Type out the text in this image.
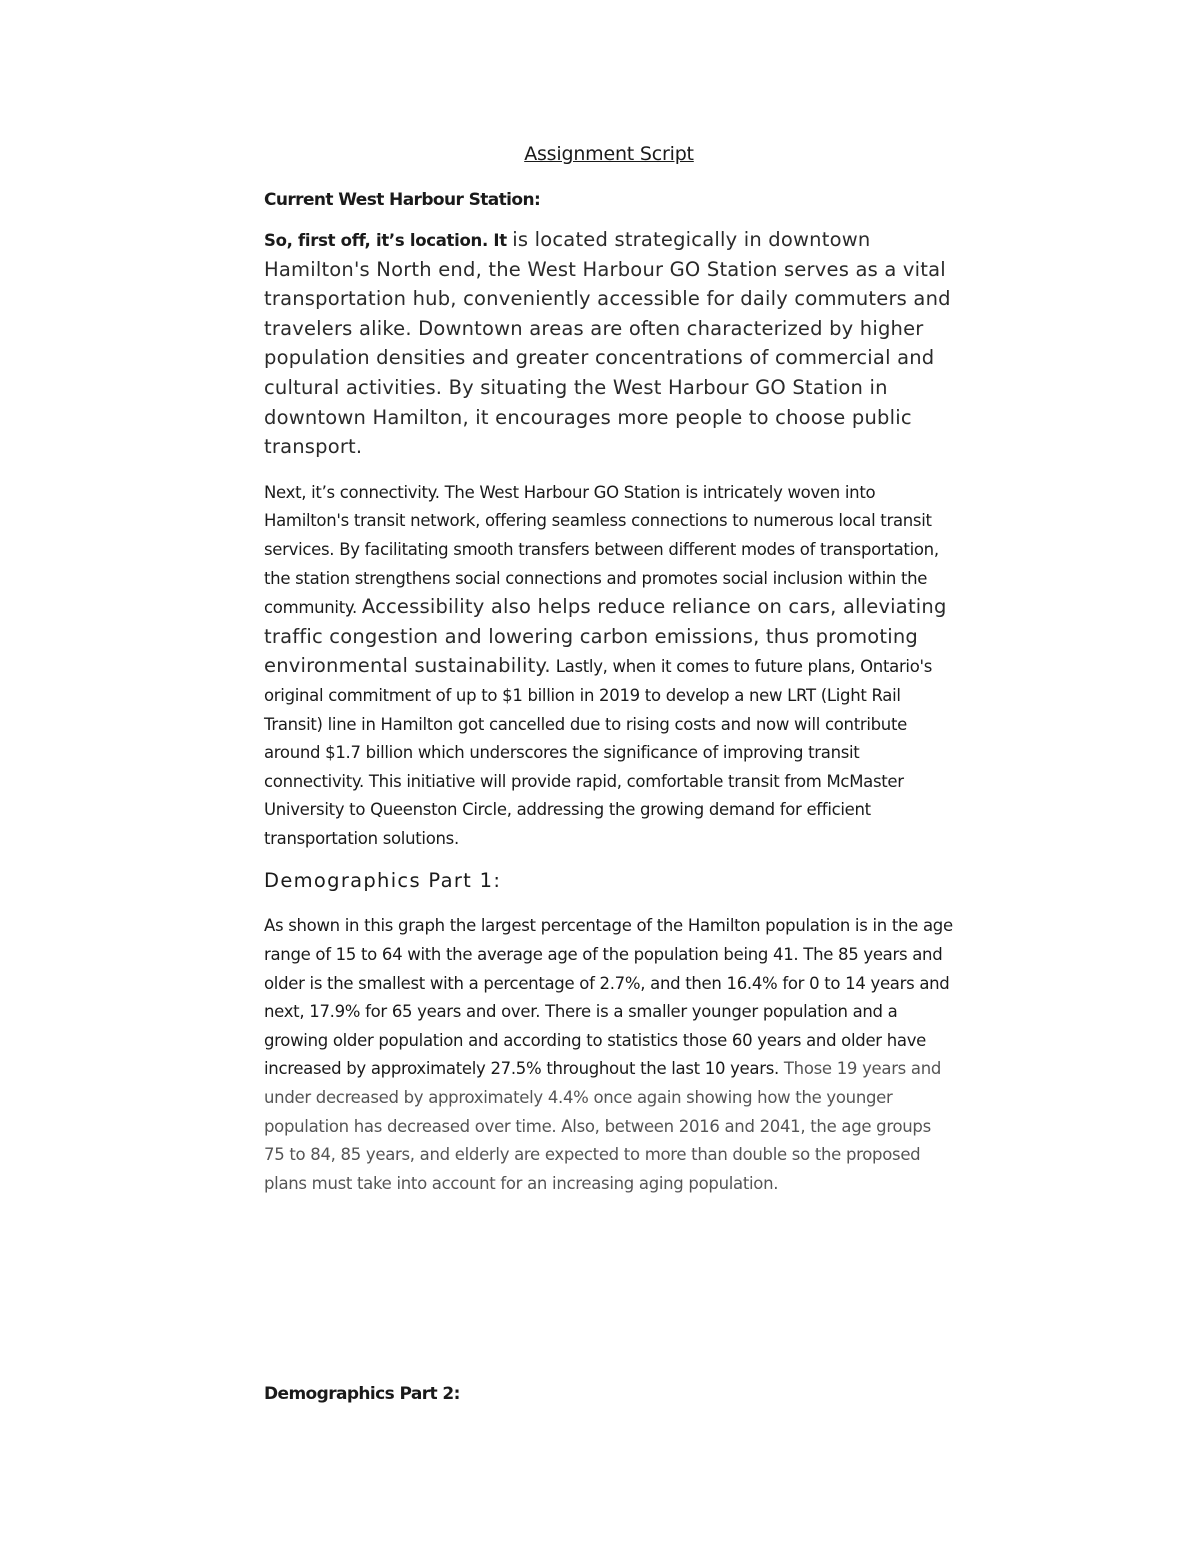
Assignment Script
Current West Harbour Station:

So, first off, it’s location. It is located strategically in downtown Hamilton's North end, the West Harbour GO Station serves as a vital transportation hub, conveniently accessible for daily commuters and travelers alike. Downtown areas are often characterized by higher population densities and greater concentrations of commercial and cultural activities. By situating the West Harbour GO Station in downtown Hamilton, it encourages more people to choose public transport.

Next, it’s connectivity. The West Harbour GO Station is intricately woven into Hamilton's transit network, offering seamless connections to numerous local transit services. By facilitating smooth transfers between different modes of transportation, the station strengthens social connections and promotes social inclusion within the community. Accessibility also helps reduce reliance on cars, alleviating traffic congestion and lowering carbon emissions, thus promoting environmental sustainability. Lastly, when it comes to future plans, Ontario's original commitment of up to $1 billion in 2019 to develop a new LRT (Light Rail Transit) line in Hamilton got cancelled due to rising costs and now will contribute around $1.7 billion which underscores the significance of improving transit connectivity. This initiative will provide rapid, comfortable transit from McMaster University to Queenston Circle, addressing the growing demand for efficient transportation solutions.

Demographics Part 1:

As shown in this graph the largest percentage of the Hamilton population is in the age range of 15 to 64 with the average age of the population being 41. The 85 years and older is the smallest with a percentage of 2.7%, and then 16.4% for 0 to 14 years and next, 17.9% for 65 years and over. There is a smaller younger population and a growing older population and according to statistics those 60 years and older have increased by approximately 27.5% throughout the last 10 years. Those 19 years and under decreased by approximately 4.4% once again showing how the younger population has decreased over time. Also, between 2016 and 2041, the age groups 75 to 84, 85 years, and elderly are expected to more than double so the proposed plans must take into account for an increasing aging population.

Demographics Part 2:
